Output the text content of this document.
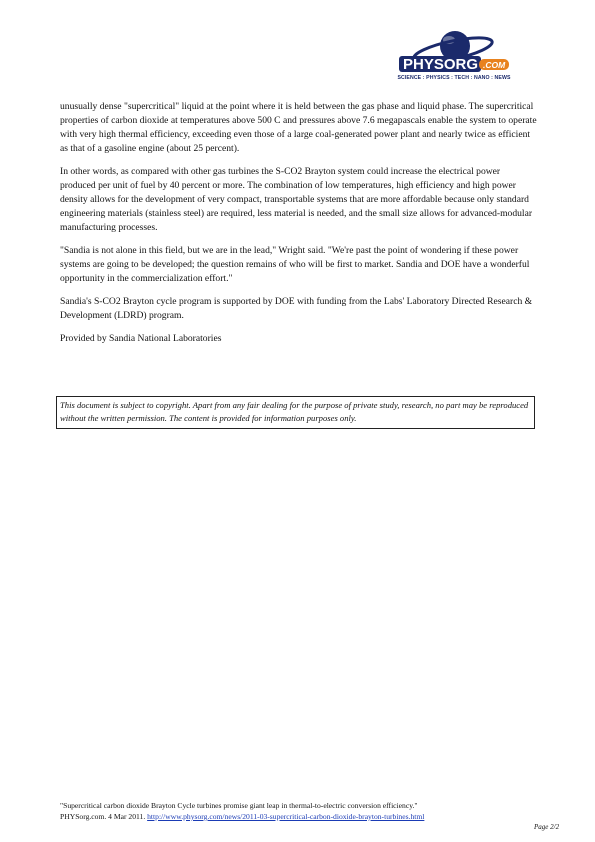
PHYSORG .COM
SCIENCE : PHYSICS : TECH : NANO : NEWS

unusually dense "supercritical" liquid at the point where it is held between the gas phase and liquid phase. The supercritical properties of carbon dioxide at temperatures above 500 C and pressures above 7.6 megapascals enable the system to operate with very high thermal efficiency, exceeding even those of a large coal-generated power plant and nearly twice as efficient as that of a gasoline engine (about 25 percent).

In other words, as compared with other gas turbines the S-CO2 Brayton system could increase the electrical power produced per unit of fuel by 40 percent or more. The combination of low temperatures, high efficiency and high power density allows for the development of very compact, transportable systems that are more affordable because only standard engineering materials (stainless steel) are required, less material is needed, and the small size allows for advanced-modular manufacturing processes.

"Sandia is not alone in this field, but we are in the lead," Wright said. "We're past the point of wondering if these power systems are going to be developed; the question remains of who will be first to market. Sandia and DOE have a wonderful opportunity in the commercialization effort."

Sandia's S-CO2 Brayton cycle program is supported by DOE with funding from the Labs' Laboratory Directed Research & Development (LDRD) program.

Provided by Sandia National Laboratories

This document is subject to copyright. Apart from any fair dealing for the purpose of private study, research, no part may be reproduced without the written permission. The content is provided for information purposes only.
"Supercritical carbon dioxide Brayton Cycle turbines promise giant leap in thermal-to-electric conversion efficiency."
PHYSorg.com. 4 Mar 2011. http://www.physorg.com/news/2011-03-supercritical-carbon-dioxide-brayton-turbines.html
Page 2/2
